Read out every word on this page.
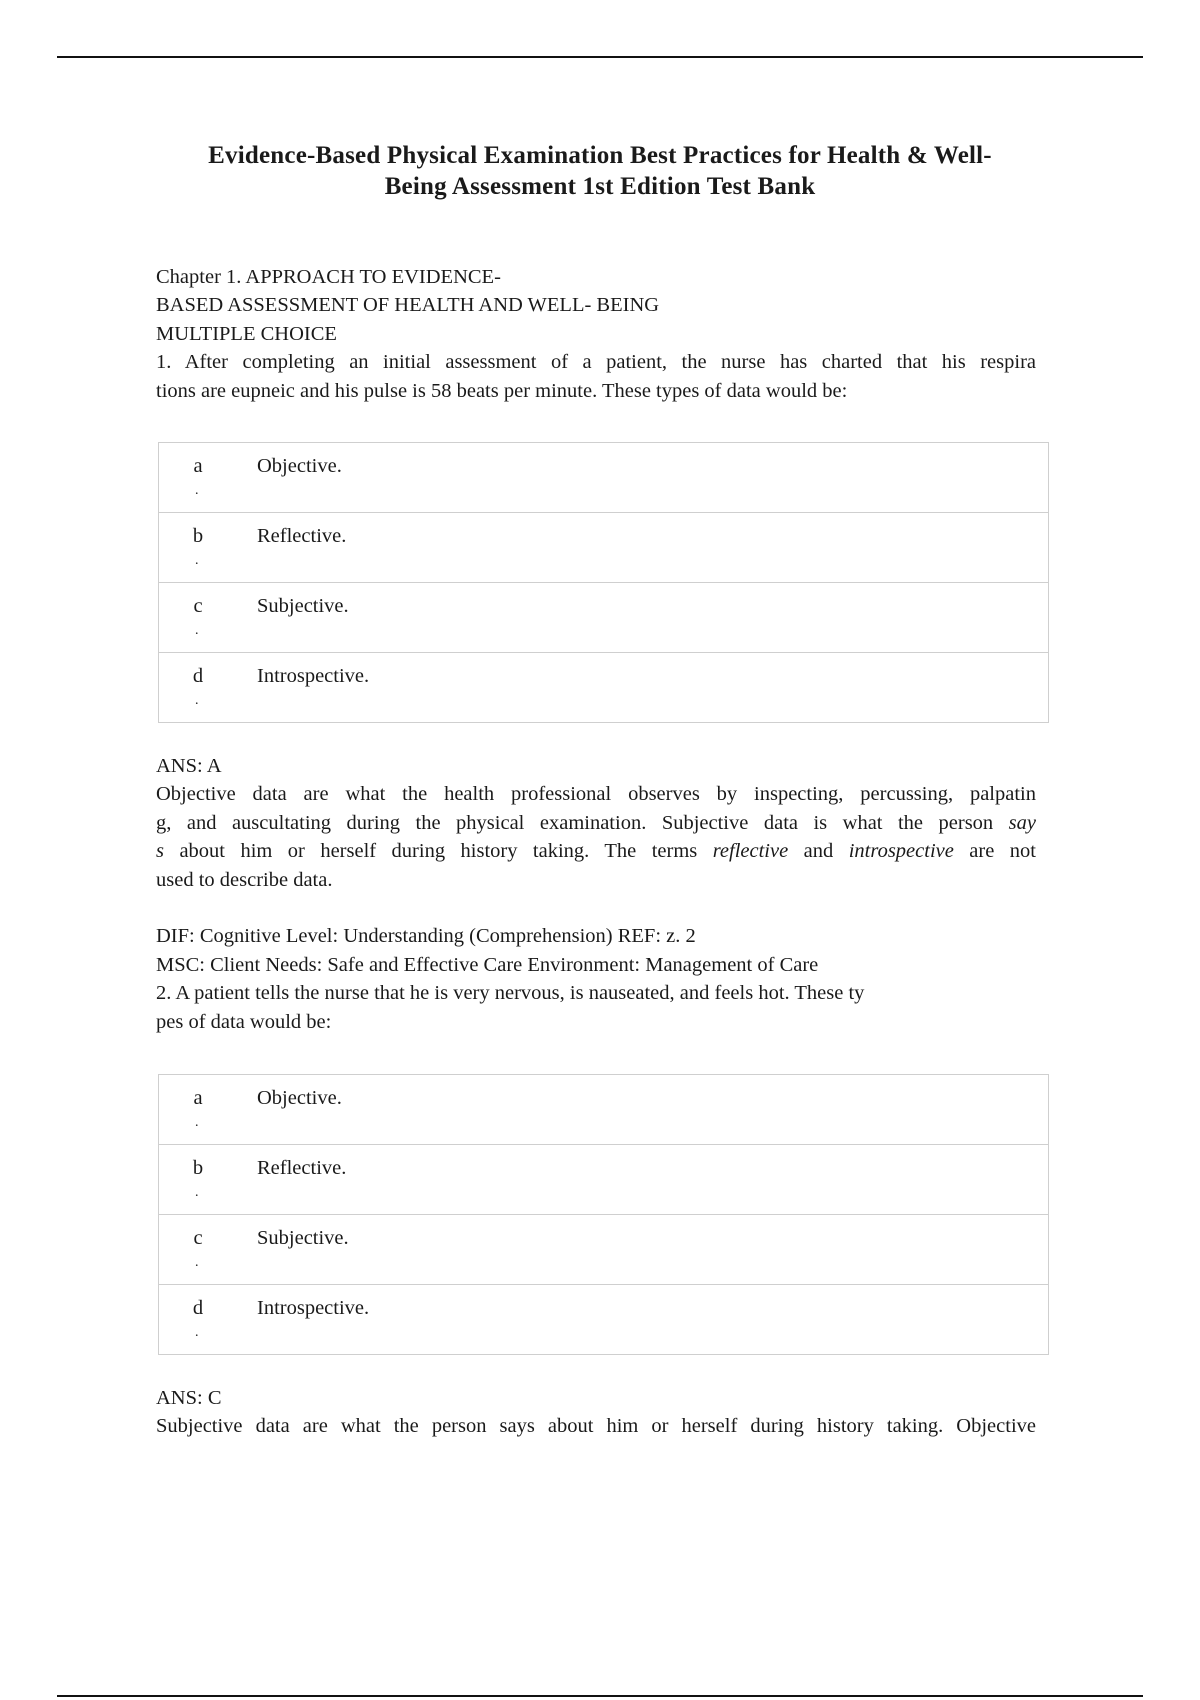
Evidence-Based Physical Examination Best Practices for Health & Well-
Being Assessment 1st Edition Test Bank
Chapter 1. APPROACH TO EVIDENCE-
BASED ASSESSMENT OF HEALTH AND WELL- BEING
MULTIPLE CHOICE
1. After completing an initial assessment of a patient, the nurse has charted that his respira
tions are eupneic and his pulse is 58 beats per minute. These types of data would be:
a
.
Objective.
b
.
Reflective.
c
.
Subjective.
d
.
Introspective.
ANS: A
Objective data are what the health professional observes by inspecting, percussing, palpatin
g, and auscultating during the physical examination. Subjective data is what the person say
s about him or herself during history taking. The terms reflective and introspective are not
used to describe data.
DIF: Cognitive Level: Understanding (Comprehension) REF: z. 2
MSC: Client Needs: Safe and Effective Care Environment: Management of Care
2. A patient tells the nurse that he is very nervous, is nauseated, and feels hot. These ty
pes of data would be:
a
.
Objective.
b
.
Reflective.
c
.
Subjective.
d
.
Introspective.
ANS: C
Subjective data are what the person says about him or herself during history taking. Objective
